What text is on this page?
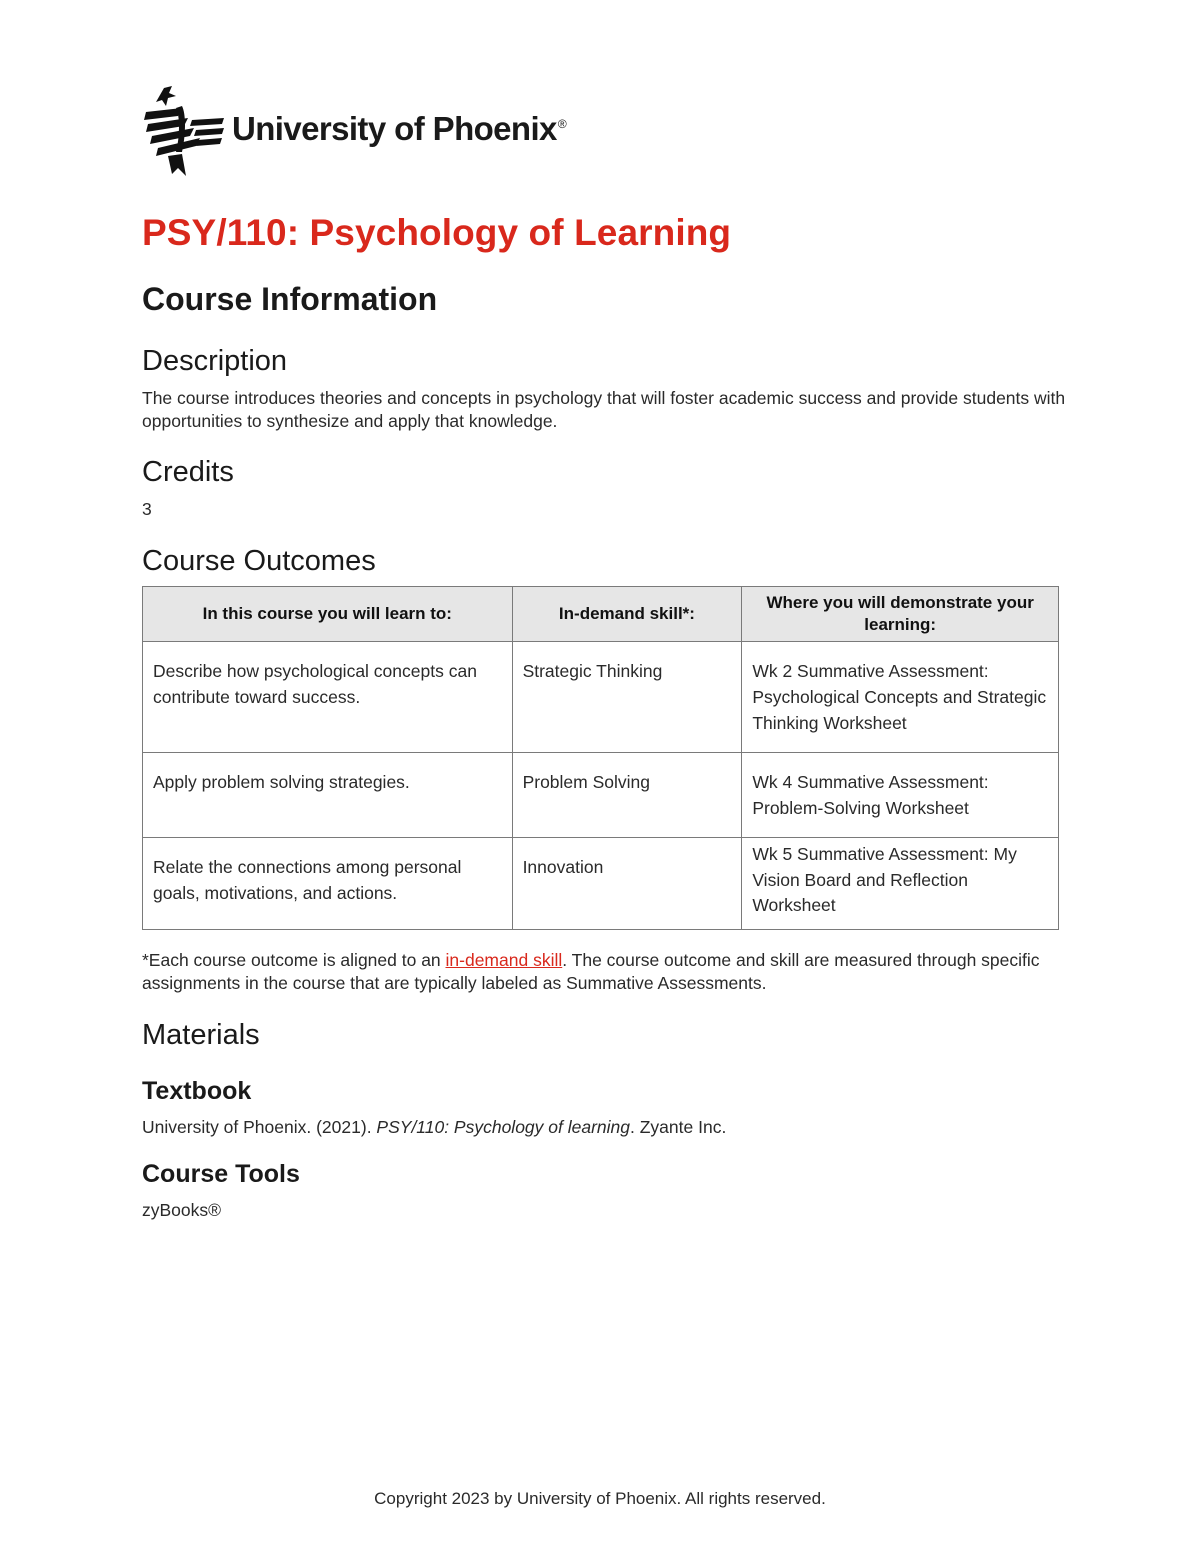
University of Phoenix®
PSY/110: Psychology of Learning
Course Information
Description

The course introduces theories and concepts in psychology that will foster academic success and provide students with opportunities to synthesize and apply that knowledge.

Credits

3

Course Outcomes
In this course you will learn to:	In-demand skill*:	Where you will demonstrate your learning:
Describe how psychological concepts can contribute toward success.	Strategic Thinking	Wk 2 Summative Assessment: Psychological Concepts and Strategic Thinking Worksheet
Apply problem solving strategies.	Problem Solving	Wk 4 Summative Assessment: Problem-Solving Worksheet
Relate the connections among personal goals, motivations, and actions.	Innovation	Wk 5 Summative Assessment: My Vision Board and Reflection Worksheet

*Each course outcome is aligned to an in-demand skill. The course outcome and skill are measured through specific assignments in the course that are typically labeled as Summative Assessments.

Materials
Textbook

University of Phoenix. (2021). PSY/110: Psychology of learning. Zyante Inc.

Course Tools

zyBooks®

Copyright 2023 by University of Phoenix. All rights reserved.
